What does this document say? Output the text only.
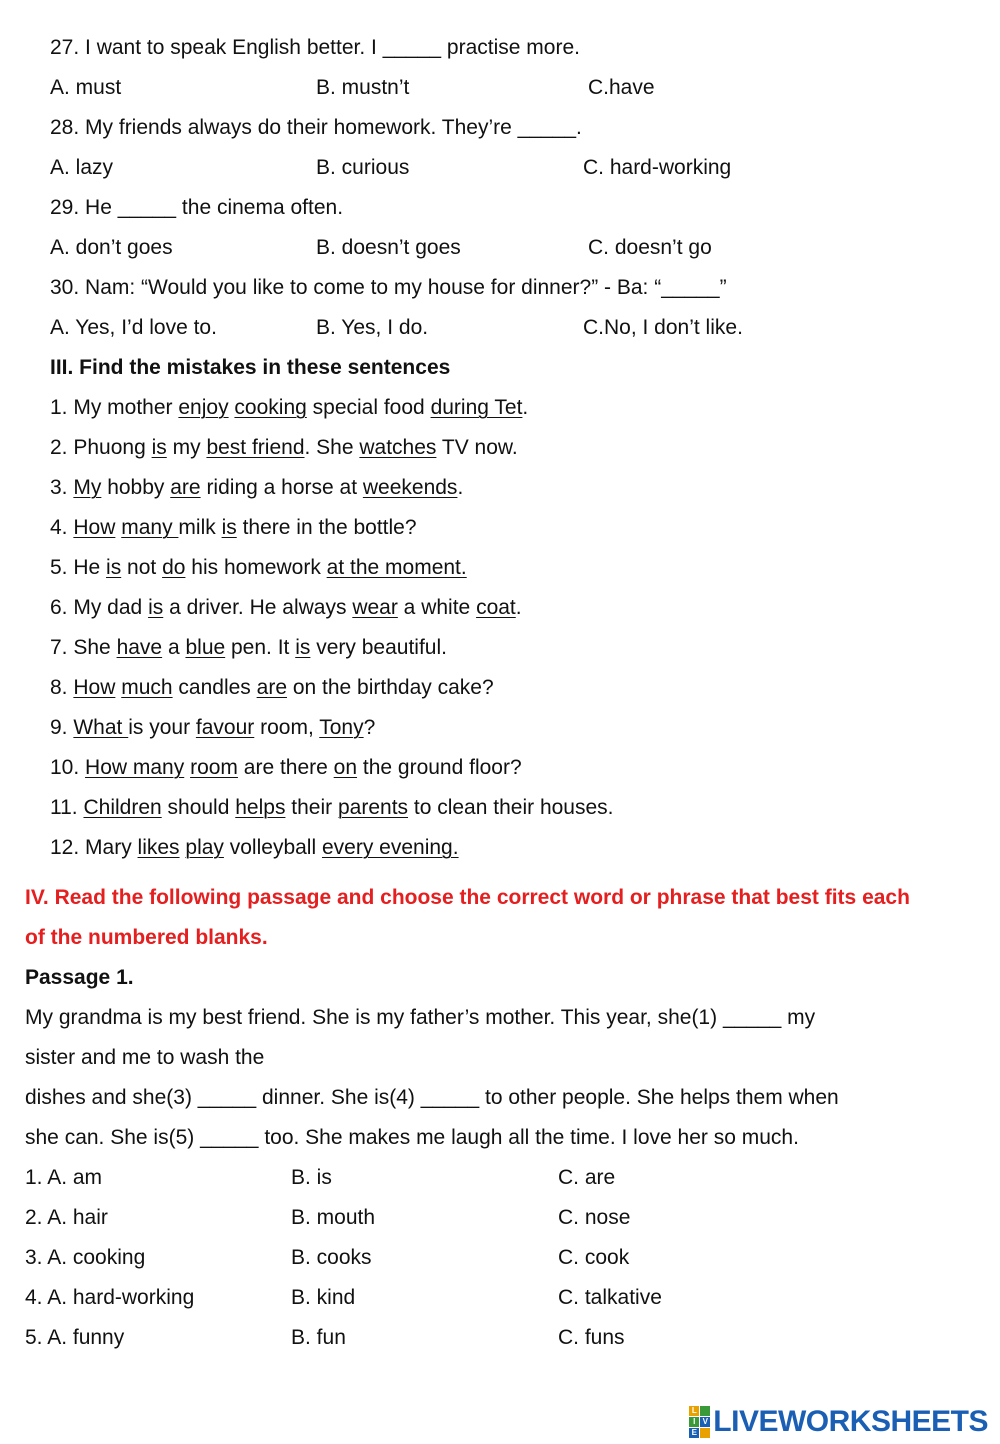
27. I want to speak English better. I _____ practise more.
A. must	B. mustn’t	C.have
28. My friends always do their homework. They’re _____.
A. lazy	B. curious	C. hard-working
29. He _____ the cinema often.
A. don’t goes	B. doesn’t goes	C. doesn’t go
30. Nam: “Would you like to come to my house for dinner?” - Ba: “_____”
A. Yes, I’d love to.	B. Yes, I do.	C.No, I don’t like.
III. Find the mistakes in these sentences
1. My mother enjoy cooking special food during Tet.
2. Phuong is my best friend. She watches TV now.
3. My hobby are riding a horse at weekends.
4. How many milk is there in the bottle?
5. He is not do his homework at the moment.
6. My dad is a driver. He always wear a white coat.
7. She have a blue pen. It is very beautiful.
8. How much candles are on the birthday cake?
9. What is your favour room, Tony?
10. How many room are there on the ground floor?
11. Children should helps their parents to clean their houses.
12. Mary likes play volleyball every evening.
IV. Read the following passage and choose the correct word or phrase that best fits each
of the numbered blanks.
Passage 1.
My grandma is my best friend. She is my father’s mother. This year, she(1) _____ my
sister and me to wash the
dishes and she(3) _____ dinner. She is(4) _____ to other people. She helps them when
she can. She is(5) _____ too. She makes me laugh all the time. I love her so much.
1. A. am	B. is	C. are
2. A. hair	B. mouth	C. nose
3. A. cooking	B. cooks	C. cook
4. A. hard-working	B. kind	C. talkative
5. A. funny	B. fun	C. funs
L
I V
E LIVEWORKSHEETS
